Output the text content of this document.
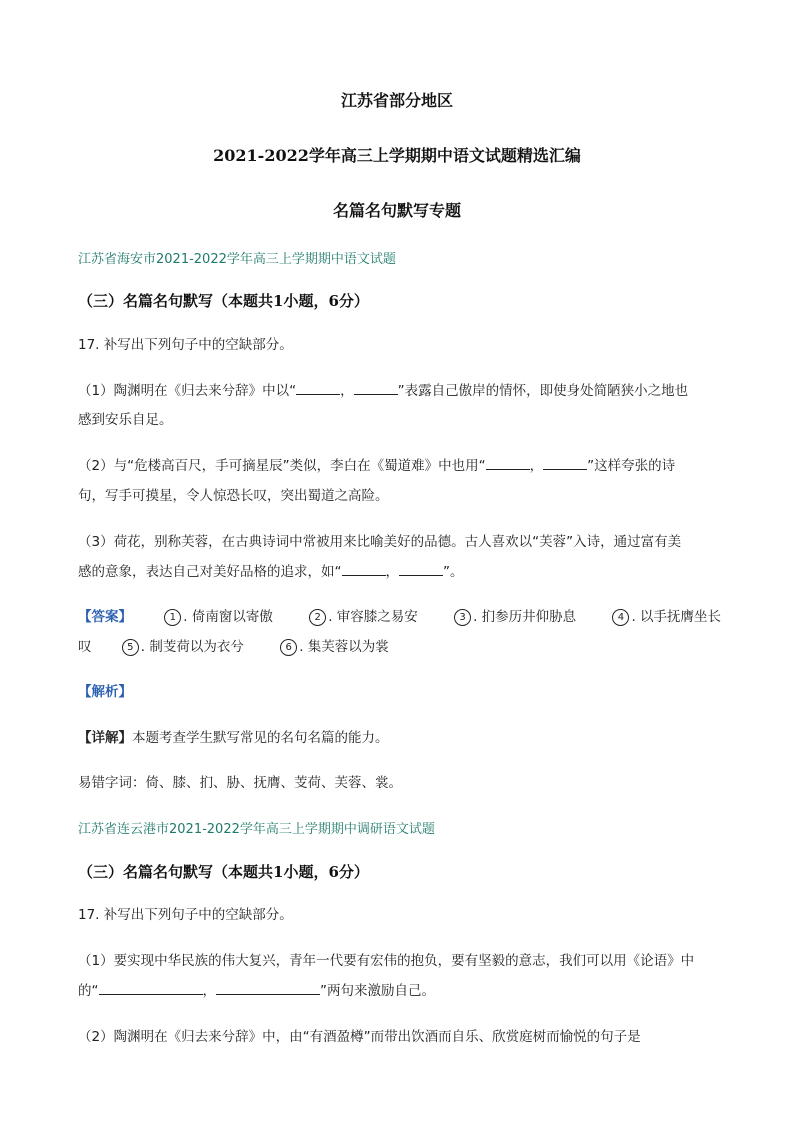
江苏省部分地区
2021-2022学年高三上学期期中语文试题精选汇编
名篇名句默写专题
江苏省海安市2021-2022学年高三上学期期中语文试题
（三）名篇名句默写（本题共1小题，6分）
17. 补写出下列句子中的空缺部分。
（1）陶渊明在《归去来兮辞》中以“	，	”表露自己傲岸的情怀，即使身处简陋狭小之地也
感到安乐自足。
（2）与“危楼高百尺，手可摘星辰”类似，李白在《蜀道难》中也用“	，	”这样夸张的诗
句，写手可摸星，令人惊恐长叹，突出蜀道之高险。
（3）荷花，别称芙蓉，在古典诗词中常被用来比喻美好的品德。古人喜欢以“芙蓉”入诗，通过富有美
感的意象，表达自己对美好品格的追求，如“	，	”。
【答案】	1 . 倚南窗以寄傲	2 . 审容膝之易安	3 . 扪参历井仰胁息	4 . 以手抚膺坐长
叹	5 . 制芰荷以为衣兮	6 . 集芙蓉以为裳
【解析】
【详解】本题考查学生默写常见的名句名篇的能力。
易错字词：倚、膝、扪、胁、抚膺、芰荷、芙蓉、裳。
江苏省连云港市2021-2022学年高三上学期期中调研语文试题
（三）名篇名句默写（本题共1小题，6分）
17. 补写出下列句子中的空缺部分。
（1）要实现中华民族的伟大复兴，青年一代要有宏伟的抱负，要有坚毅的意志，我们可以用《论语》中
的“	，	”两句来激励自己。
（2）陶渊明在《归去来兮辞》中，由“有酒盈樽”而带出饮酒而自乐、欣赏庭树而愉悦的句子是
